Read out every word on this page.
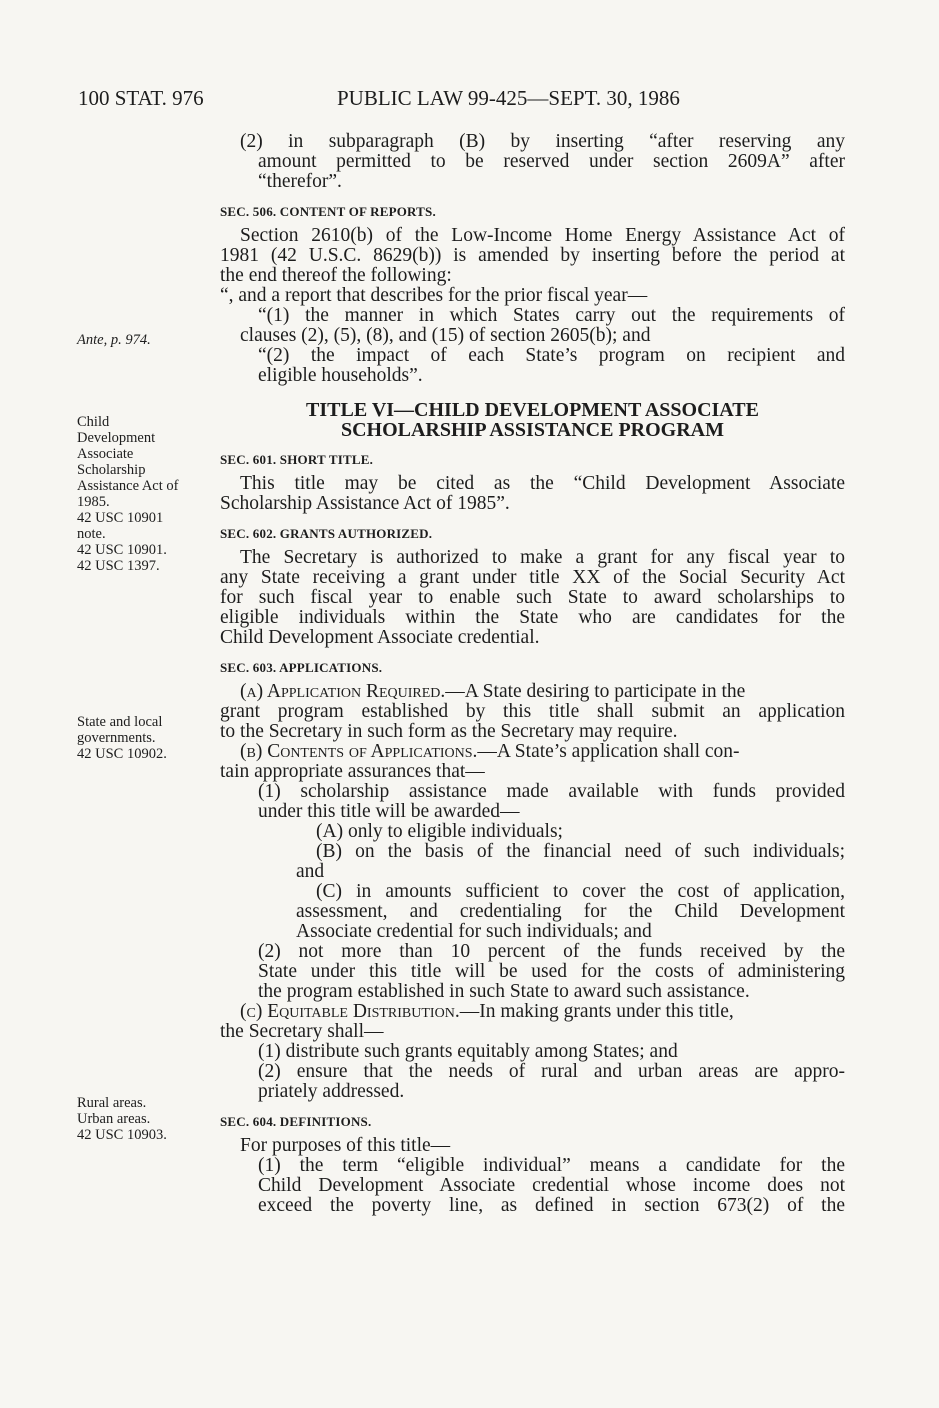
100 STAT. 976	PUBLIC LAW 99-425—SEPT. 30, 1986
Ante, p. 974.
Child
Development
Associate
Scholarship
Assistance Act of
1985.
42 USC 10901
note.
42 USC 10901.
42 USC 1397.
State and local
governments.
42 USC 10902.
Rural areas.
Urban areas.
42 USC 10903.
(2) in subparagraph (B) by inserting “after reserving any
amount permitted to be reserved under section 2609A” after
“therefor”.
SEC. 506. CONTENT OF REPORTS.
Section 2610(b) of the Low-Income Home Energy Assistance Act of
1981 (42 U.S.C. 8629(b)) is amended by inserting before the period at
the end thereof the following:
“, and a report that describes for the prior fiscal year—
“(1) the manner in which States carry out the requirements of
clauses (2), (5), (8), and (15) of section 2605(b); and
“(2) the impact of each State’s program on recipient and
eligible households”.
TITLE VI—CHILD DEVELOPMENT ASSOCIATE
SCHOLARSHIP ASSISTANCE PROGRAM
SEC. 601. SHORT TITLE.
This title may be cited as the “Child Development Associate
Scholarship Assistance Act of 1985”.
SEC. 602. GRANTS AUTHORIZED.
The Secretary is authorized to make a grant for any fiscal year to
any State receiving a grant under title XX of the Social Security Act
for such fiscal year to enable such State to award scholarships to
eligible individuals within the State who are candidates for the
Child Development Associate credential.
SEC. 603. APPLICATIONS.
(a) Application Required.—A State desiring to participate in the
grant program established by this title shall submit an application
to the Secretary in such form as the Secretary may require.
(b) Contents of Applications.—A State’s application shall con-
tain appropriate assurances that—
(1) scholarship assistance made available with funds provided
under this title will be awarded—
(A) only to eligible individuals;
(B) on the basis of the financial need of such individuals;
and
(C) in amounts sufficient to cover the cost of application,
assessment, and credentialing for the Child Development
Associate credential for such individuals; and
(2) not more than 10 percent of the funds received by the
State under this title will be used for the costs of administering
the program established in such State to award such assistance.
(c) Equitable Distribution.—In making grants under this title,
the Secretary shall—
(1) distribute such grants equitably among States; and
(2) ensure that the needs of rural and urban areas are appro-
priately addressed.
SEC. 604. DEFINITIONS.
For purposes of this title—
(1) the term “eligible individual” means a candidate for the
Child Development Associate credential whose income does not
exceed the poverty line, as defined in section 673(2) of the
